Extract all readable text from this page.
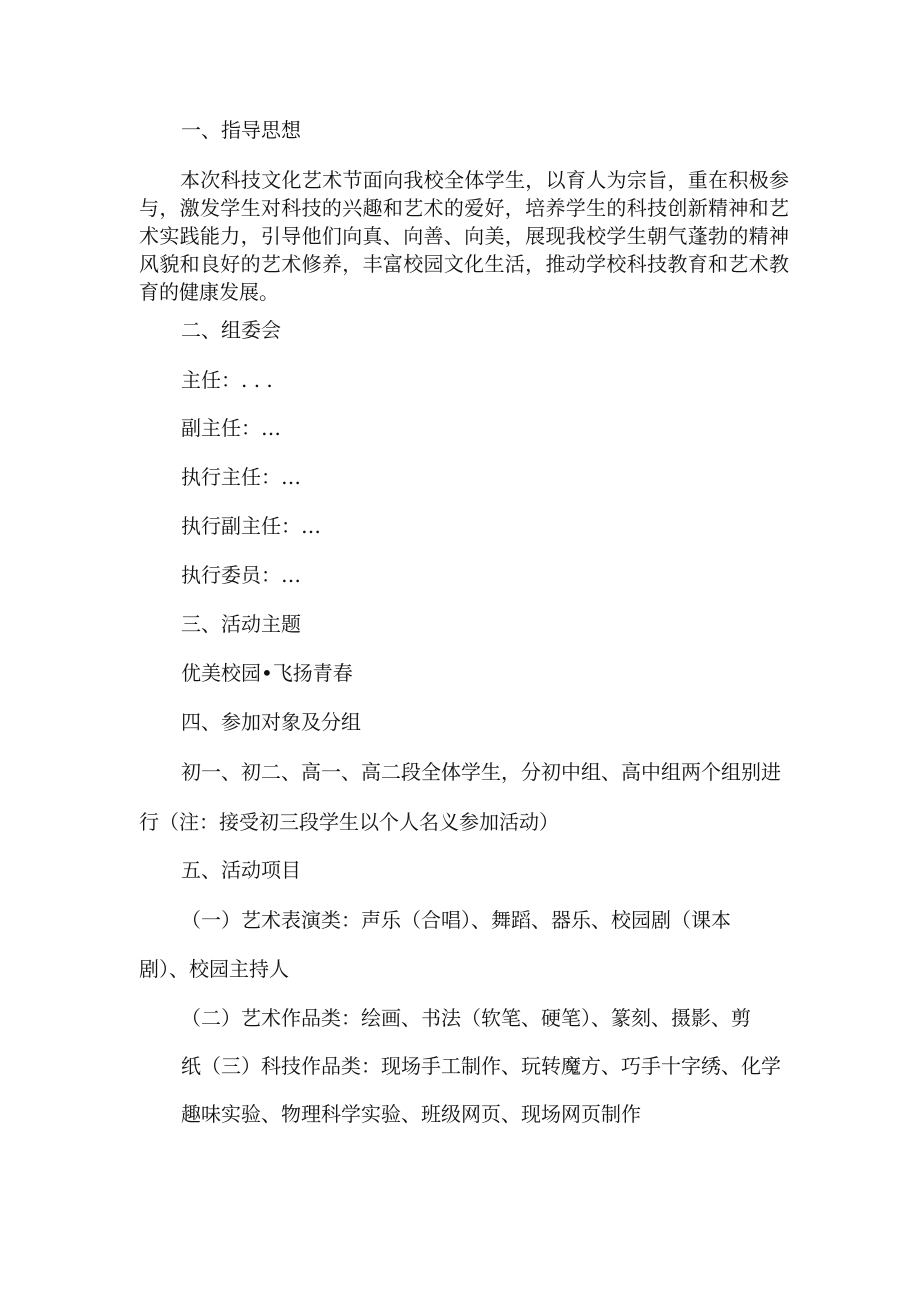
一、指导思想
本次科技文化艺术节面向我校全体学生，以育人为宗旨，重在积极参
与，激发学生对科技的兴趣和艺术的爱好，培养学生的科技创新精神和艺
术实践能力，引导他们向真、向善、向美，展现我校学生朝气蓬勃的精神
风貌和良好的艺术修养，丰富校园文化生活，推动学校科技教育和艺术教
育的健康发展。
二、组委会
主任：. . .
副主任：…
执行主任：…
执行副主任：…
执行委员：…
三、活动主题
优美校园•飞扬青春
四、参加对象及分组
初一、初二、高一、高二段全体学生，分初中组、高中组两个组别进
行（注：接受初三段学生以个人名义参加活动）
五、活动项目
（一）艺术表演类：声乐（合唱）、舞蹈、器乐、校园剧（课本
剧）、校园主持人
（二）艺术作品类：绘画、书法（软笔、硬笔）、篆刻、摄影、剪
纸（三）科技作品类：现场手工制作、玩转魔方、巧手十字绣、化学
趣味实验、物理科学实验、班级网页、现场网页制作
